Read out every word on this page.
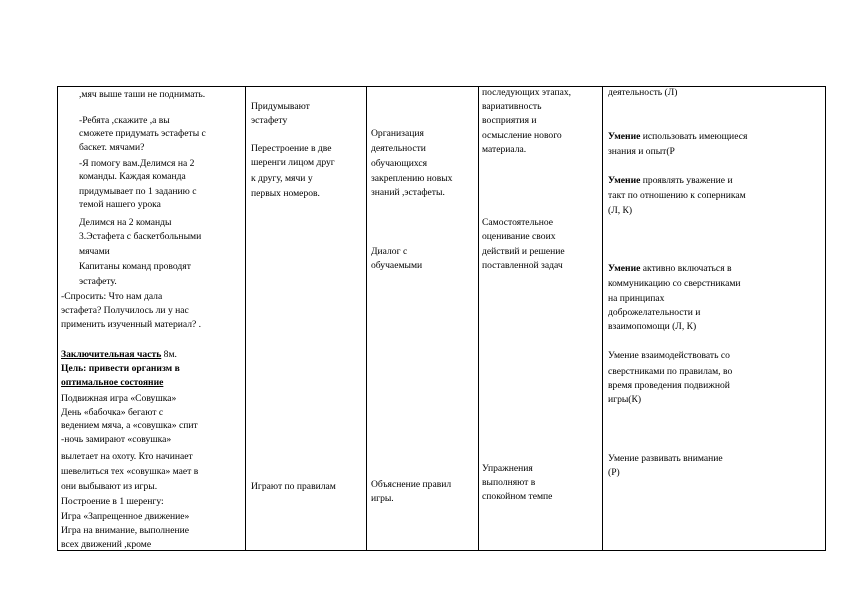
,мяч выше таши не поднимать.
-Ребята ,скажите ,а вы
сможете придумать эстафеты с
баскет. мячами?
-Я помогу вам.Делимся на 2
команды. Каждая команда
придумывает по 1 заданию с
темой нашего урока
Делимся на 2 команды
3.Эстафета с баскетбольными
мячами
Капитаны команд проводят
эстафету.
-Спросить: Что нам дала
эстафета? Получилось ли у нас
применить изученный материал? .
Заключительная часть 8м.
Цель: привести организм в
оптимальное состояние
Подвижная игра «Совушка»
День «бабочка» бегают с
ведением мяча, а «совушка» спит
-ночь замирают «совушка»
вылетает на охоту. Кто начинает
шевелиться тех «совушка» мает в
они выбывают из игры.
Построение в 1 шеренгу:
Игра «Запрещенное движение»
Игра на внимание, выполнение
всех движений ,кроме
Придумывают
эстафету
Перестроение в две
шеренги лицом друг
к другу, мячи у
первых номеров.
Играют по правилам
Организация
деятельности
обучающихся
закреплению новых
знаний ,эстафеты.
Диалог с
обучаемыми
Объяснение правил
игры.
последующих этапах,
вариативность
восприятия и
осмысление нового
материала.
Самостоятельное
оценивание своих
действий и решение
поставленной задач
Упражнения
выполняют в
спокойном темпе
деятельность (Л)
Умение использовать имеющиеся
знания и опыт(Р
Умение проявлять уважение и
такт по отношению к соперникам
(Л, К)
Умение активно включаться в
коммуникацию со сверстниками
на принципах
доброжелательности и
взаимопомощи (Л, К)
Умение взаимодействовать со
сверстниками по правилам, во
время проведения подвижной
игры(К)
Умение развивать внимание
(Р)
